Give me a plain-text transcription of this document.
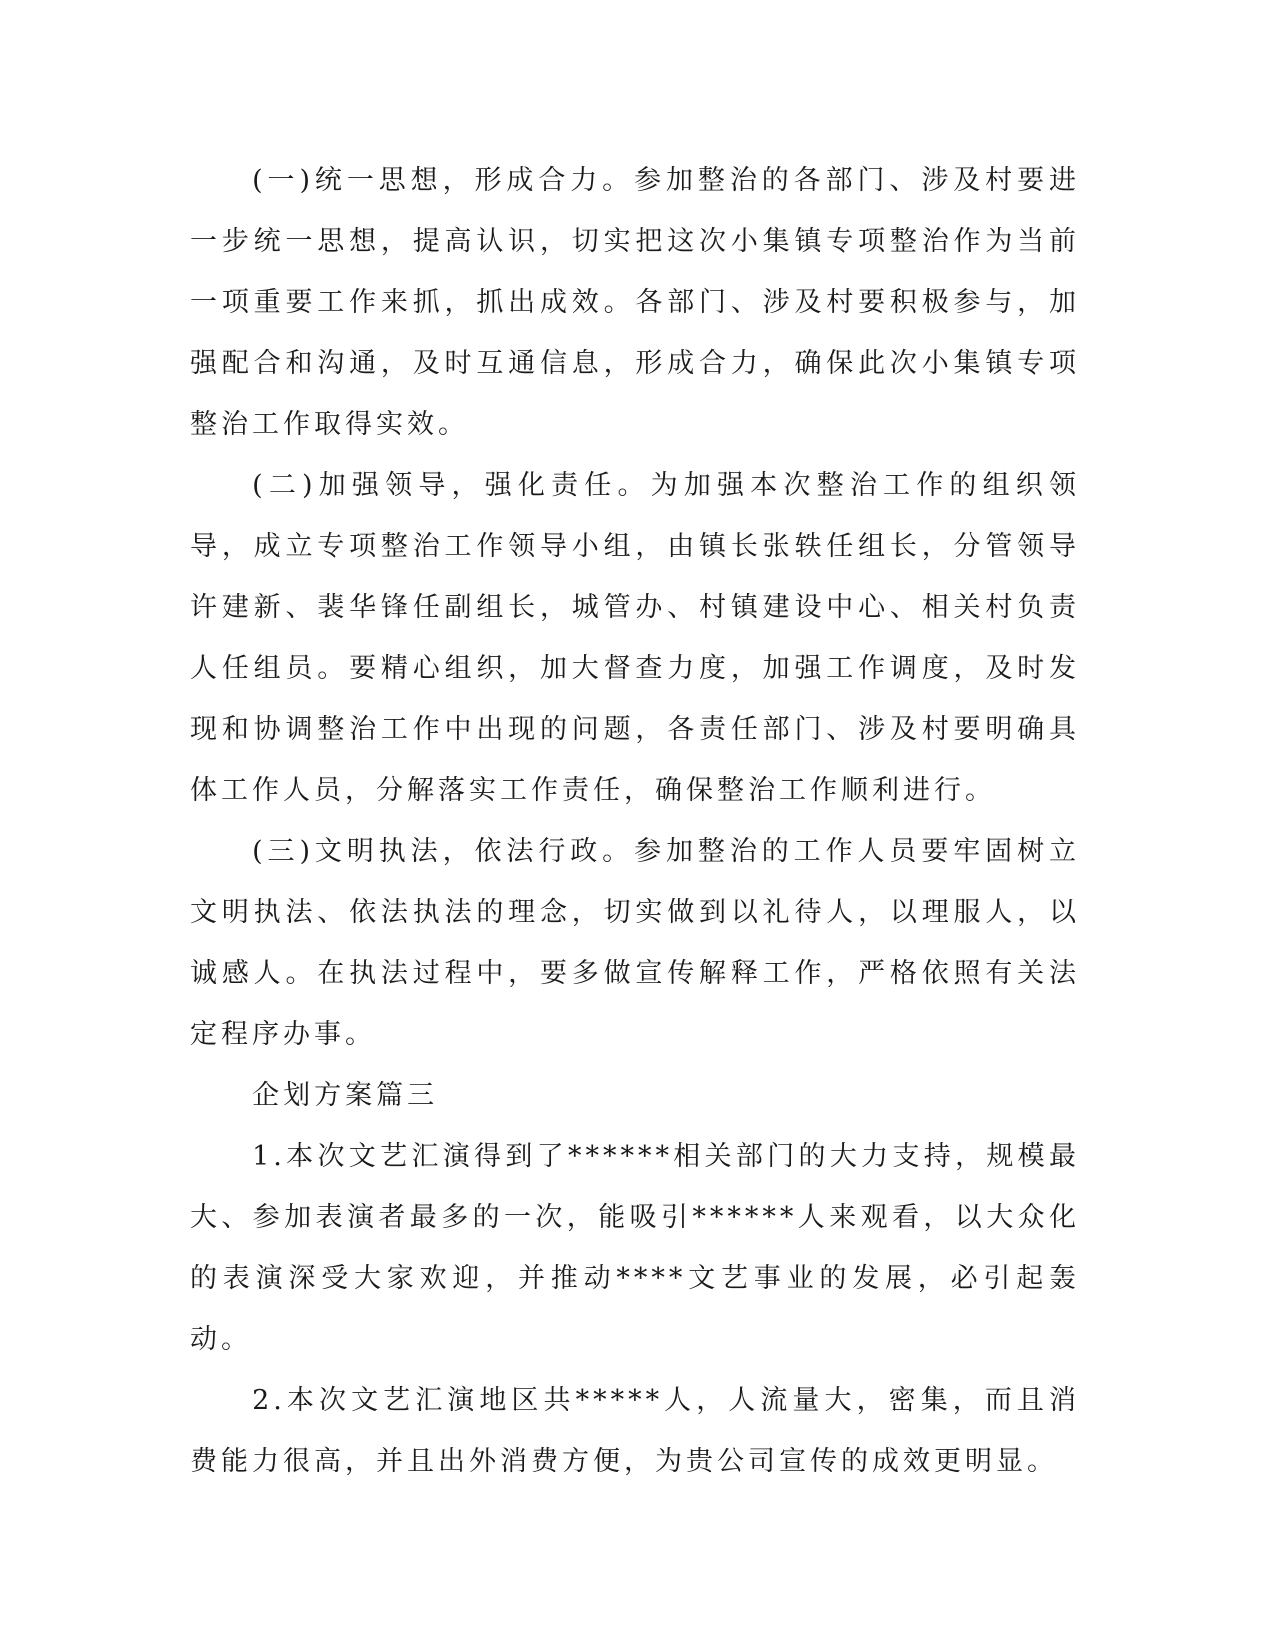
(一)统一思想，形成合力。参加整治的各部门、涉及村要进一步统一思想，提高认识，切实把这次小集镇专项整治作为当前一项重要工作来抓，抓出成效。各部门、涉及村要积极参与，加强配合和沟通，及时互通信息，形成合力，确保此次小集镇专项整治工作取得实效。

(二)加强领导，强化责任。为加强本次整治工作的组织领导，成立专项整治工作领导小组，由镇长张轶任组长，分管领导许建新、裴华锋任副组长，城管办、村镇建设中心、相关村负责人任组员。要精心组织，加大督查力度，加强工作调度，及时发现和协调整治工作中出现的问题，各责任部门、涉及村要明确具体工作人员，分解落实工作责任，确保整治工作顺利进行。

(三)文明执法，依法行政。参加整治的工作人员要牢固树立文明执法、依法执法的理念，切实做到以礼待人，以理服人，以诚感人。在执法过程中，要多做宣传解释工作，严格依照有关法定程序办事。

企划方案篇三

1.本次文艺汇演得到了******相关部门的大力支持，规模最大、参加表演者最多的一次，能吸引******人来观看，以大众化的表演深受大家欢迎，并推动****文艺事业的发展，必引起轰动。

2.本次文艺汇演地区共*****人，人流量大，密集，而且消费能力很高，并且出外消费方便，为贵公司宣传的成效更明显。
